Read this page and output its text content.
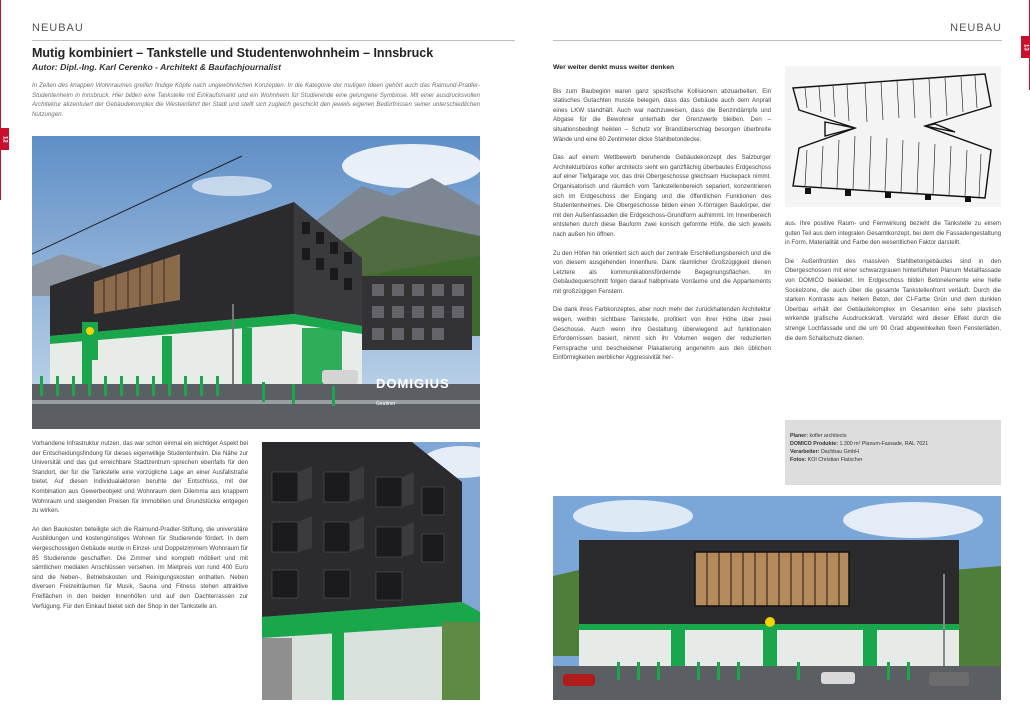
12
NEUBAU
Mutig kombiniert – Tankstelle und Studentenwohnheim – Innsbruck
Autor: Dipl.-Ing. Karl Cerenko - Architekt & Baufachjournalist
In Zeiten des knappen Wohnraumes greifen findige Köpfe nach ungewöhnlichen Konzepten. In die Kategorie der mutigen Ideen gehört auch das Raimund-Pradler-Studentenheim in Innsbruck. Hier bilden eine Tankstelle mit Einkaufsmarkt und ein Wohnheim für Studierende eine gelungene Symbiose. Mit einer ausdrucksvollen Architektur akzentuiert der Gebäudekomplex die Westeinfahrt der Stadt und stellt sich zugleich geschickt den jeweils eigenen Bedürfnissen seiner unterschiedlichen Nutzungen.
DOMIGIUS
Geuttner

Vorhandene Infrastruktur nutzen, das war schon einmal ein wichtiger Aspekt bei der Entscheidungsfindung für dieses eigenwillige Studentenheim. Die Nähe zur Universität und das gut erreichbare Stadtzentrum sprechen ebenfalls für den Standort, der für die Tankstelle eine vorzügliche Lage an einer Ausfallstraße bietet. Auf diesen Individualaktoren beruhte der Entschluss, mit der Kombination aus Gewerbeobjekt und Wohnraum dem Dilemma aus knappem Wohnraum und steigenden Preisen für Immobilien und Grundstücke entgegen zu wirken.

An den Baukosten beteiligte sich die Raimund-Pradler-Stiftung, die universitäre Ausbildungen und kostengünstiges Wohnen für Studierende fördert. In dem viergeschossigen Gebäude wurde in Einzel- und Doppelzimmern Wohnraum für 85 Studierende geschaffen. Die Zimmer sind komplett möbliert und mit sämtlichen medialen Anschlüssen versehen. Im Mietpreis von rund 400 Euro sind die Neben-, Betriebskosten und Reinigungskosten enthalten. Neben diversen Freizeiträumen für Musik, Sauna und Fitness stehen attraktive Freiflächen in den beiden Innenhöfen und auf den Dachterrassen zur Verfügung. Für den Einkauf bietet sich der Shop in der Tankstelle an.

13
NEUBAU
Wer weiter denkt muss weiter denken

Bis zum Baubeginn waren ganz spezifische Kollisionen abzuarbeiten. Ein statisches Gutachten musste belegen, dass das Gebäude auch dem Anprall eines LKW standhält. Auch war nachzuweisen, dass die Benzindämpfe und Abgase für die Bewohner unterhalb der Grenzwerte bleiben. Den – situationsbedingt heiklen – Schutz vor Brandüberschlag besorgen überbreite Wände und eine 60 Zentimeter dicke Stahlbetondecke.

Das auf einem Wettbewerb beruhende Gebäudekonzept des Salzburger Architekturbüros kofler architects sieht ein ganzflächig überbautes Erdgeschoss auf einer Tiefgarage vor, das drei Obergeschosse gleichsam Huckepack nimmt. Organisatorisch und räumlich vom Tankstellenbereich separiert, konzentrieren sich im Erdgeschoss der Eingang und die öffentlichen Funktionen des Studentenheimes. Die Obergeschosse bilden einen X-förmigen Baukörper, der mit den Außenfassaden die Erdgeschoss-Grundform aufnimmt. Im Innenbereich entstehen durch diese Bauform zwei konisch geformte Höfe, die sich jeweils nach außen hin öffnen.

Zu den Höfen hin orientiert sich auch der zentrale Erschließungsbereich und die von diesem ausgehenden Innenflure. Dank räumlicher Großzügigkeit dienen Letztere als kommunikationsfördernde Begegnungsflächen. Im Gebäudequerschnitt folgen darauf halbprivate Vorräume und die Appartements mit großzügigen Fenstern.

Die dank ihres Farbkonzeptes, aber noch mehr der zurückhaltenden Architektur wegen, weithin sichtbare Tankstelle, profitiert von ihrer Höhe über zwei Geschosse. Auch wenn ihre Gestaltung überwiegend auf funktionalen Erfordernissen basiert, nimmt sich ihr Volumen wegen der reduzierten Fernsprache und bescheidener Plakatierung angenehm aus den üblichen Einförmigkeiten werblicher Aggressivität her-

aus. Ihre positive Raum- und Fernwirkung bezieht die Tankstelle zu einem guten Teil aus dem integralen Gesamtkonzept, bei dem die Fassadengestaltung in Form, Materialität und Farbe den wesentlichen Faktor darstellt.

Die Außenfronten des massiven Stahlbetongebäudes sind in den Obergeschossen mit einer schwarzgrauen hinterlüfteten Planum Metallfassade von DOMICO bekleidet. Im Erdgeschoss bilden Betonelemente eine helle Sockelzone, die auch über die gesamte Tankstellenfront verläuft. Durch die starken Kontraste aus hellem Beton, der CI-Farbe Grün und dem dunklen Überbau erhält der Gebäudekomplex im Gesamten eine sehr plastisch wirkende grafische Ausdruckskraft. Verstärkt wird dieser Effekt durch die strenge Lochfassade und die um 90 Grad abgewinkelten fixen Fensterläden, die dem Schallschutz dienen.

Planer: kofler architects
DOMICO Produkte: 1.300 m² Planum-Fassade, RAL 7021
Verarbeiter: Dachbau GmbH
Fotos: KOI Christian Flatscher
